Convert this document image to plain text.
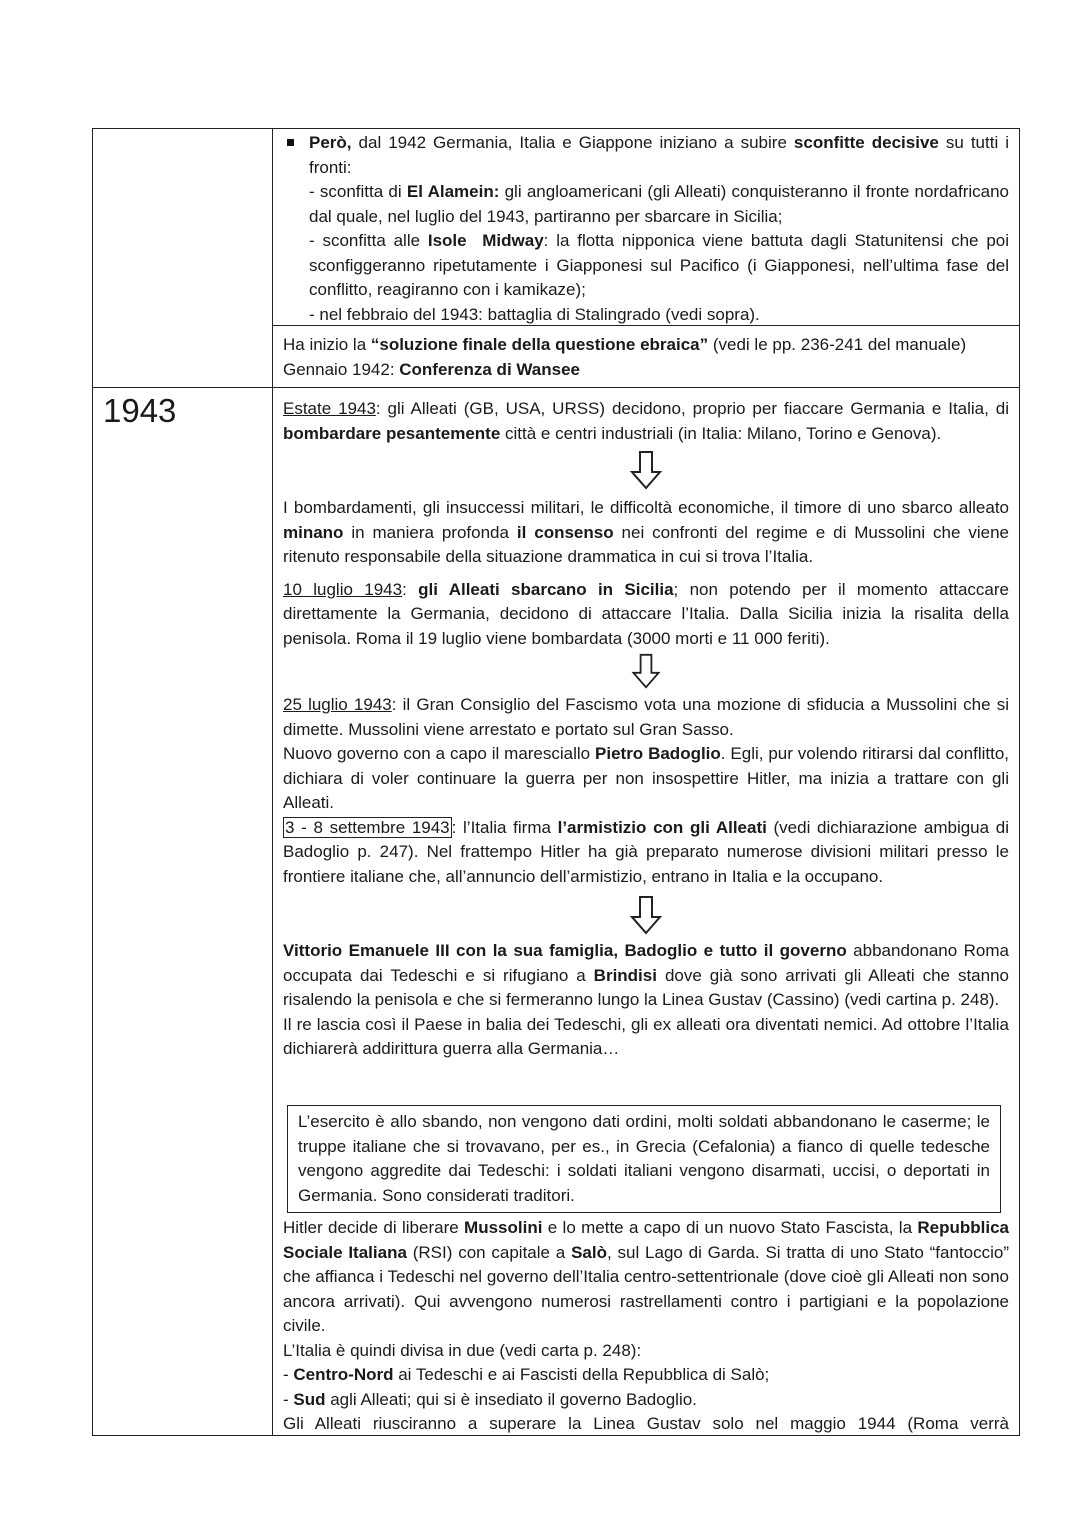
1943

Però, dal 1942 Germania, Italia e Giappone iniziano a subire sconfitte decisive su tutti i fronti:

- sconfitta di El Alamein: gli angloamericani (gli Alleati) conquisteranno il fronte nordafricano dal quale, nel luglio del 1943, partiranno per sbarcare in Sicilia;

- sconfitta alle Isole Midway: la flotta nipponica viene battuta dagli Statunitensi che poi sconfiggeranno ripetutamente i Giapponesi sul Pacifico (i Giapponesi, nell’ultima fase del conflitto, reagiranno con i kamikaze);

- nel febbraio del 1943: battaglia di Stalingrado (vedi sopra).

Ha inizio la “soluzione finale della questione ebraica” (vedi le pp. 236-241 del manuale)

Gennaio 1942: Conferenza di Wansee

Estate 1943: gli Alleati (GB, USA, URSS) decidono, proprio per fiaccare Germania e Italia, di bombardare pesantemente città e centri industriali (in Italia: Milano, Torino e Genova).

I bombardamenti, gli insuccessi militari, le difficoltà economiche, il timore di uno sbarco alleato minano in maniera profonda il consenso nei confronti del regime e di Mussolini che viene ritenuto responsabile della situazione drammatica in cui si trova l’Italia.

10 luglio 1943: gli Alleati sbarcano in Sicilia; non potendo per il momento attaccare direttamente la Germania, decidono di attaccare l’Italia. Dalla Sicilia inizia la risalita della penisola. Roma il 19 luglio viene bombardata (3000 morti e 11 000 feriti).

25 luglio 1943: il Gran Consiglio del Fascismo vota una mozione di sfiducia a Mussolini che si dimette. Mussolini viene arrestato e portato sul Gran Sasso.

Nuovo governo con a capo il maresciallo Pietro Badoglio. Egli, pur volendo ritirarsi dal conflitto, dichiara di voler continuare la guerra per non insospettire Hitler, ma inizia a trattare con gli Alleati.

3 - 8 settembre 1943 : l’Italia firma l’armistizio con gli Alleati (vedi dichiarazione ambigua di Badoglio p. 247). Nel frattempo Hitler ha già preparato numerose divisioni militari presso le frontiere italiane che, all’annuncio dell’armistizio, entrano in Italia e la occupano.

Vittorio Emanuele III con la sua famiglia, Badoglio e tutto il governo abbandonano Roma occupata dai Tedeschi e si rifugiano a Brindisi dove già sono arrivati gli Alleati che stanno risalendo la penisola e che si fermeranno lungo la Linea Gustav (Cassino) (vedi cartina p. 248).

Il re lascia così il Paese in balia dei Tedeschi, gli ex alleati ora diventati nemici. Ad ottobre l’Italia dichiarerà addirittura guerra alla Germania…

L’esercito è allo sbando, non vengono dati ordini, molti soldati abbandonano le caserme; le truppe italiane che si trovavano, per es., in Grecia (Cefalonia) a fianco di quelle tedesche vengono aggredite dai Tedeschi: i soldati italiani vengono disarmati, uccisi, o deportati in Germania. Sono considerati traditori.

Hitler decide di liberare Mussolini e lo mette a capo di un nuovo Stato Fascista, la Repubblica Sociale Italiana (RSI) con capitale a Salò, sul Lago di Garda. Si tratta di uno Stato “fantoccio” che affianca i Tedeschi nel governo dell’Italia centro-settentrionale (dove cioè gli Alleati non sono ancora arrivati). Qui avvengono numerosi rastrellamenti contro i partigiani e la popolazione civile.

L’Italia è quindi divisa in due (vedi carta p. 248):

- Centro-Nord ai Tedeschi e ai Fascisti della Repubblica di Salò;

- Sud agli Alleati; qui si è insediato il governo Badoglio.

Gli Alleati riusciranno a superare la Linea Gustav solo nel maggio 1944 (Roma verrà
